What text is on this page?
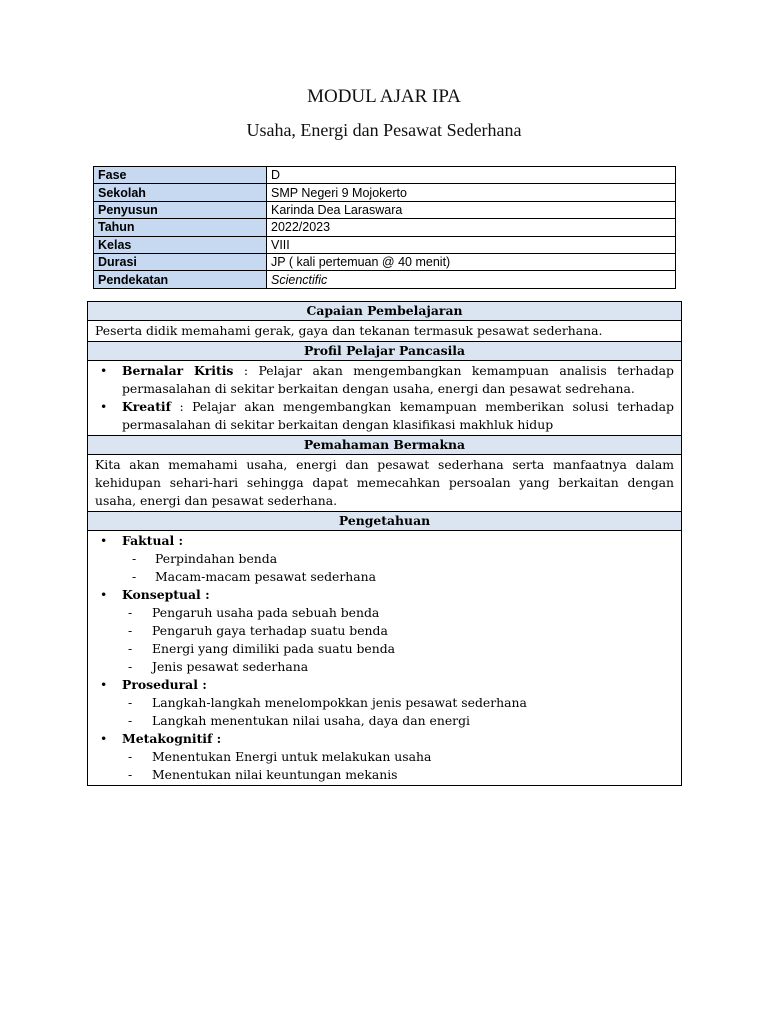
MODUL AJAR IPA
Usaha, Energi dan Pesawat Sederhana
Fase	D
Sekolah	SMP Negeri 9 Mojokerto
Penyusun	Karinda Dea Laraswara
Tahun	2022/2023
Kelas	VIII
Durasi	JP ( kali pertemuan @ 40 menit)
Pendekatan	Scienctific
Capaian Pembelajaran
Peserta didik memahami gerak, gaya dan tekanan termasuk pesawat sederhana.
Profil Pelajar Pancasila

• Bernalar Kritis : Pelajar akan mengembangkan kemampuan analisis terhadap permasalahan di sekitar berkaitan dengan usaha, energi dan pesawat sedrehana.
• Kreatif : Pelajar akan mengembangkan kemampuan memberikan solusi terhadap permasalahan di sekitar berkaitan dengan klasifikasi makhluk hidup

Pemahaman Bermakna
Kita akan memahami usaha, energi dan pesawat sederhana serta manfaatnya dalam kehidupan sehari-hari sehingga dapat memecahkan persoalan yang berkaitan dengan usaha, energi dan pesawat sederhana.
Pengetahuan

• Faktual :
- Perpindahan benda
- Macam-macam pesawat sederhana
• Konseptual :
- Pengaruh usaha pada sebuah benda
- Pengaruh gaya terhadap suatu benda
- Energi yang dimiliki pada suatu benda
- Jenis pesawat sederhana
• Prosedural :
- Langkah-langkah menelompokkan jenis pesawat sederhana
- Langkah menentukan nilai usaha, daya dan energi
• Metakognitif :
- Menentukan Energi untuk melakukan usaha
- Menentukan nilai keuntungan mekanis
